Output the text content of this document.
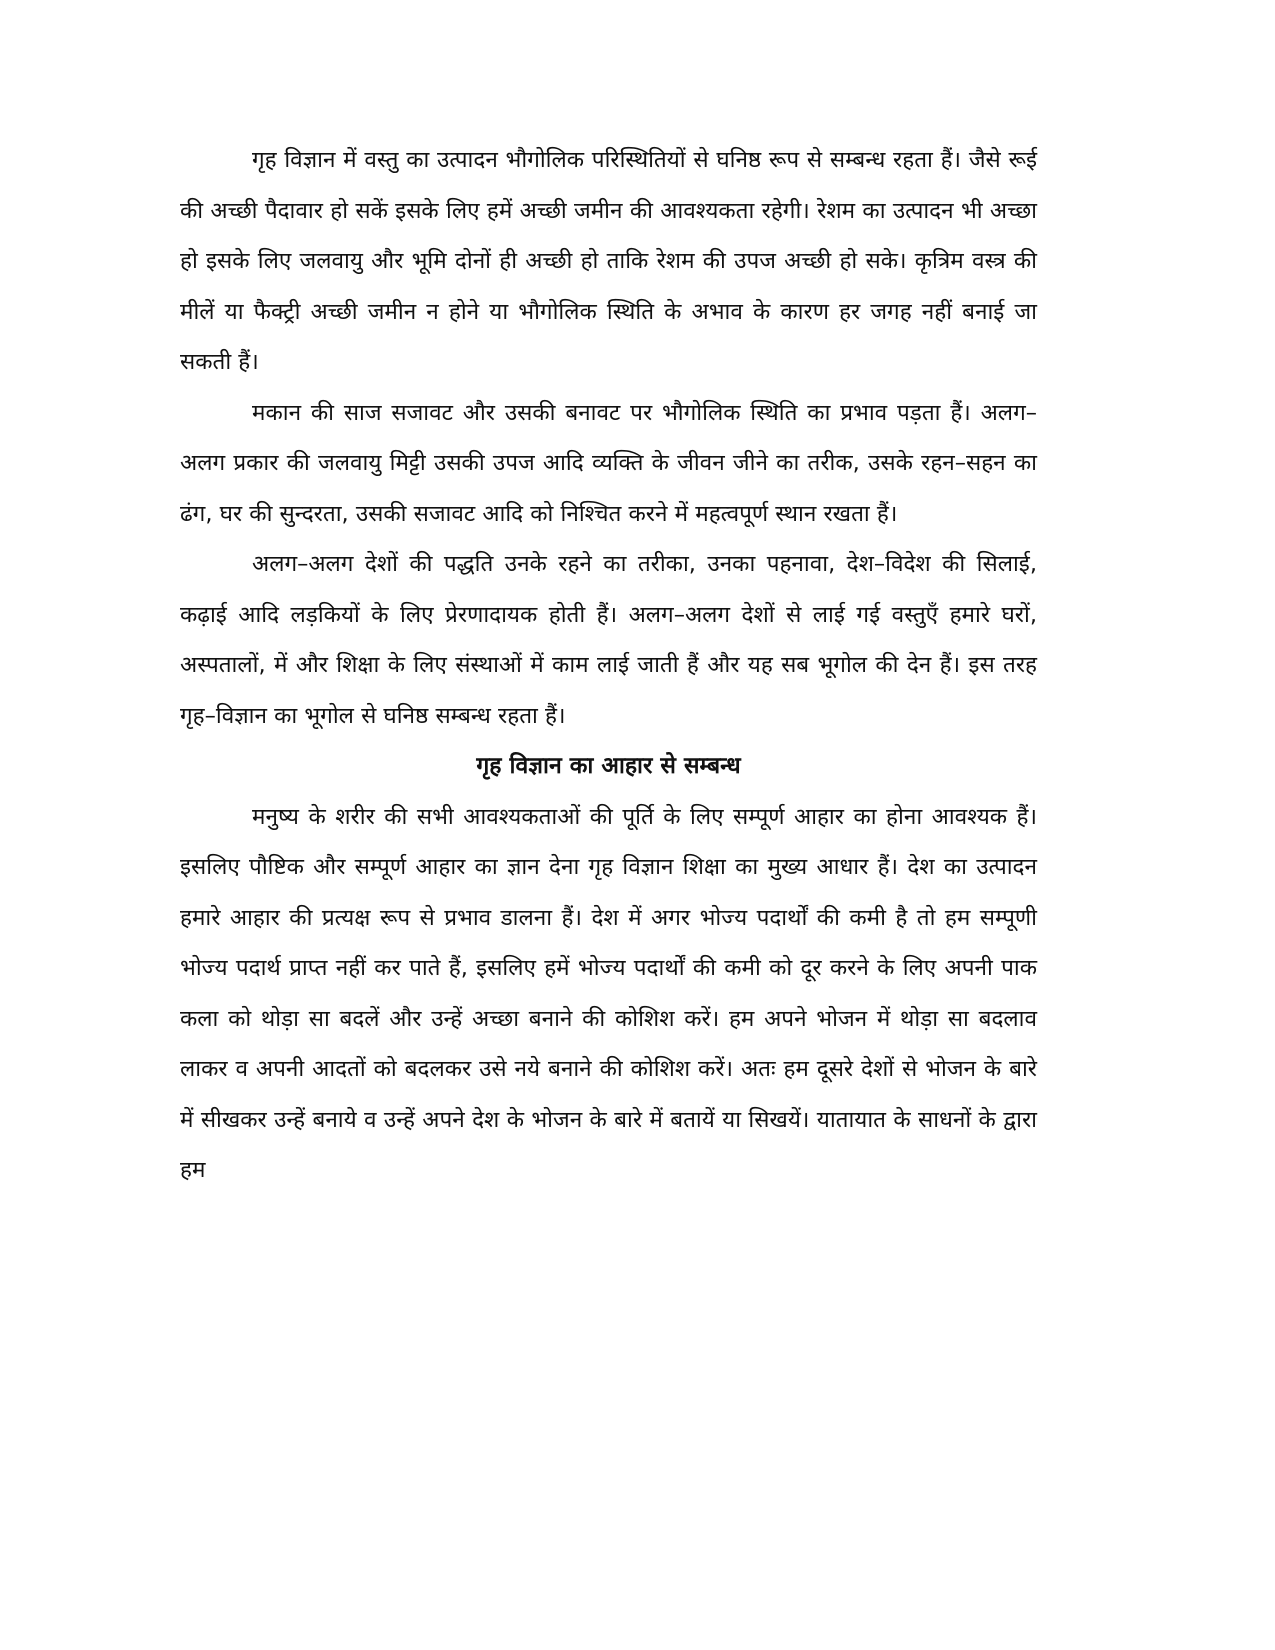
गृह विज्ञान में वस्तु का उत्पादन भौगोलिक परिस्थितियों से घनिष्ठ रूप से सम्बन्ध रहता हैं। जैसे रूई की अच्छी पैदावार हो सकें इसके लिए हमें अच्छी जमीन की आवश्यकता रहेगी। रेशम का उत्पादन भी अच्छा हो इसके लिए जलवायु और भूमि दोनों ही अच्छी हो ताकि रेशम की उपज अच्छी हो सके। कृत्रिम वस्त्र की मीलें या फैक्ट्री अच्छी जमीन न होने या भौगोलिक स्थिति के अभाव के कारण हर जगह नहीं बनाई जा सकती हैं।

मकान की साज सजावट और उसकी बनावट पर भौगोलिक स्थिति का प्रभाव पड़ता हैं। अलग–अलग प्रकार की जलवायु मिट्टी उसकी उपज आदि व्यक्ति के जीवन जीने का तरीक, उसके रहन–सहन का ढंग, घर की सुन्दरता, उसकी सजावट आदि को निश्चित करने में महत्वपूर्ण स्थान रखता हैं।

अलग–अलग देशों की पद्धति उनके रहने का तरीका, उनका पहनावा, देश–विदेश की सिलाई, कढ़ाई आदि लड़कियों के लिए प्रेरणादायक होती हैं। अलग–अलग देशों से लाई गई वस्तुएँ हमारे घरों, अस्पतालों, में और शिक्षा के लिए संस्थाओं में काम लाई जाती हैं और यह सब भूगोल की देन हैं। इस तरह गृह–विज्ञान का भूगोल से घनिष्ठ सम्बन्ध रहता हैं।

गृह विज्ञान का आहार से सम्बन्ध

मनुष्य के शरीर की सभी आवश्यकताओं की पूर्ति के लिए सम्पूर्ण आहार का होना आवश्यक हैं। इसलिए पौष्टिक और सम्पूर्ण आहार का ज्ञान देना गृह विज्ञान शिक्षा का मुख्य आधार हैं। देश का उत्पादन हमारे आहार की प्रत्यक्ष रूप से प्रभाव डालना हैं। देश में अगर भोज्य पदार्थों की कमी है तो हम सम्पूणी भोज्य पदार्थ प्राप्त नहीं कर पाते हैं, इसलिए हमें भोज्य पदार्थों की कमी को दूर करने के लिए अपनी पाक कला को थोड़ा सा बदलें और उन्हें अच्छा बनाने की कोशिश करें। हम अपने भोजन में थोड़ा सा बदलाव लाकर व अपनी आदतों को बदलकर उसे नये बनाने की कोशिश करें। अतः हम दूसरे देशों से भोजन के बारे में सीखकर उन्हें बनाये व उन्हें अपने देश के भोजन के बारे में बतायें या सिखयें। यातायात के साधनों के द्वारा हम
